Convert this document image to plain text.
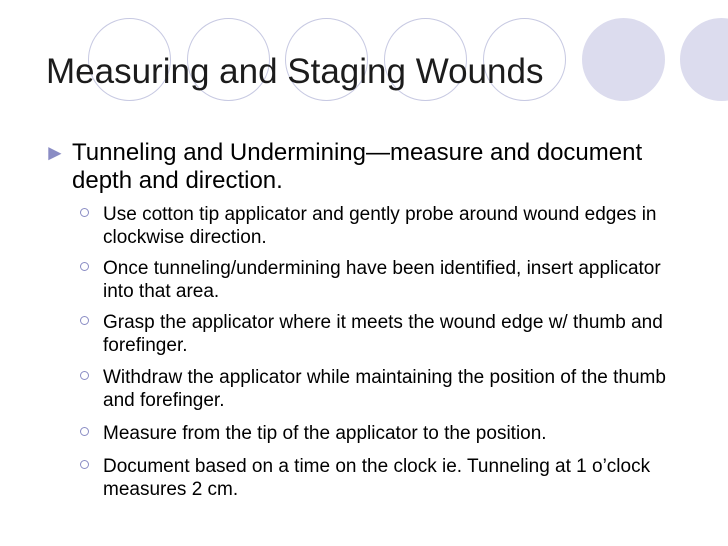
Measuring and Staging Wounds
► Tunneling and Undermining—measure and document depth and direction.
Use cotton tip applicator and gently probe around wound edges in clockwise direction.
Once tunneling/undermining have been identified, insert applicator into that area.
Grasp the applicator where it meets the wound edge w/ thumb and forefinger.
Withdraw the applicator while maintaining the position of the thumb and forefinger.
Measure from the tip of the applicator to the position.
Document based on a time on the clock ie. Tunneling at 1 o’clock measures 2 cm.
